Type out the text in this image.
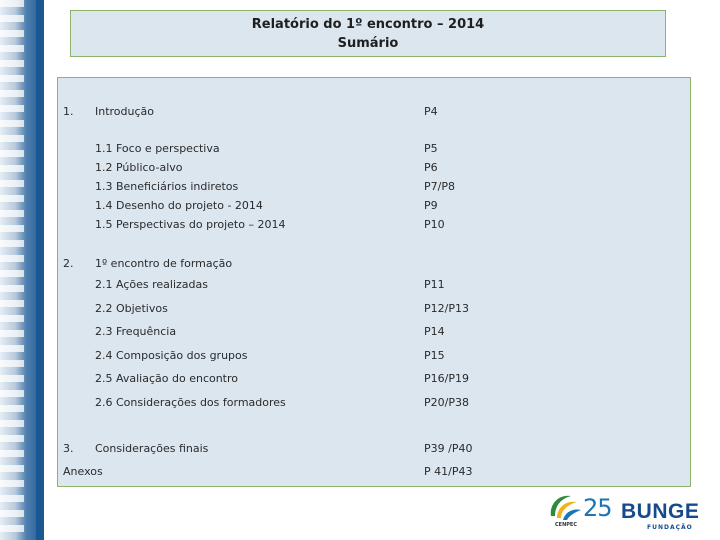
Relatório do 1º encontro – 2014
Sumário
1. Introdução	P4
1.1 Foco e perspectiva	P5
1.2 Público-alvo	P6
1.3 Beneficiários indiretos	P7/P8
1.4 Desenho do projeto - 2014	P9
1.5 Perspectivas do projeto – 2014	P10
2. 1º encontro de formação
2.1 Ações realizadas	P11
2.2 Objetivos	P12/P13
2.3 Frequência	P14
2.4 Composição dos grupos	P15
2.5 Avaliação do encontro	P16/P19
2.6 Considerações dos formadores	P20/P38
3. Considerações finais	P39 /P40
Anexos	P 41/P43
CENPEC
25 BUNGE
FUNDAÇÃO
